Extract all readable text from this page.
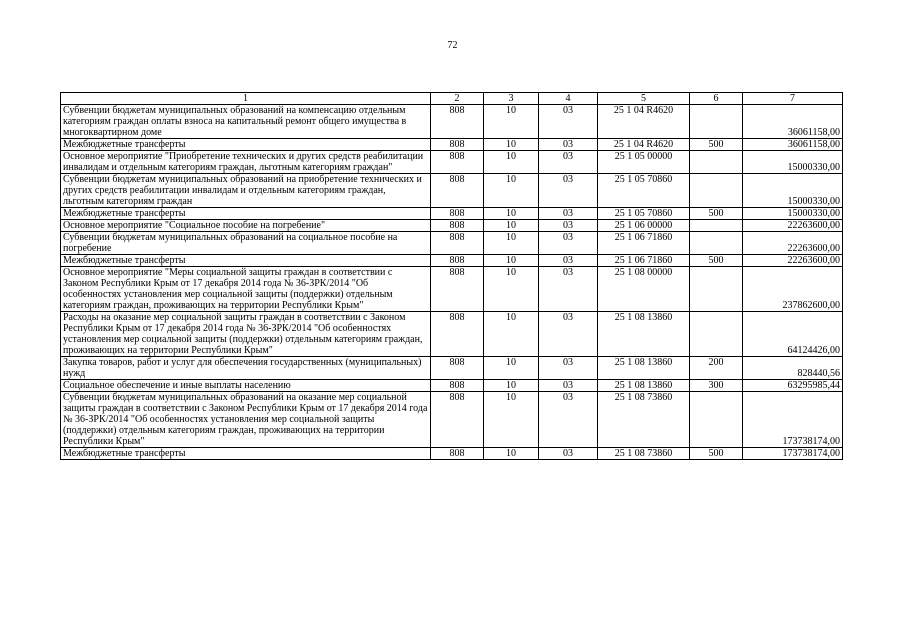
72
1	2	3	4	5	6	7
Субвенции бюджетам муниципальных образований на компенсацию отдельным категориям граждан оплаты взноса на капитальный ремонт общего имущества в многоквартирном доме	808	10	03	25 1 04 R4620		36061158,00
Межбюджетные трансферты	808	10	03	25 1 04 R4620	500	36061158,00
Основное мероприятие "Приобретение технических и других средств реабилитации инвалидам и отдельным категориям граждан, льготным категориям граждан"	808	10	03	25 1 05 00000		15000330,00
Субвенции бюджетам муниципальных образований на приобретение технических и других средств реабилитации инвалидам и отдельным категориям граждан, льготным категориям граждан	808	10	03	25 1 05 70860		15000330,00
Межбюджетные трансферты	808	10	03	25 1 05 70860	500	15000330,00
Основное мероприятие "Социальное пособие на погребение"	808	10	03	25 1 06 00000		22263600,00
Субвенции бюджетам муниципальных образований на социальное пособие на погребение	808	10	03	25 1 06 71860		22263600,00
Межбюджетные трансферты	808	10	03	25 1 06 71860	500	22263600,00
Основное мероприятие "Меры социальной защиты граждан в соответствии с Законом Республики Крым от 17 декабря 2014 года № 36-ЗРК/2014 "Об особенностях установления мер социальной защиты (поддержки) отдельным категориям граждан, проживающих на территории Республики Крым"	808	10	03	25 1 08 00000		237862600,00
Расходы на оказание мер социальной защиты граждан в соответствии с Законом Республики Крым от 17 декабря 2014 года № 36-ЗРК/2014 "Об особенностях установления мер социальной защиты (поддержки) отдельным категориям граждан, проживающих на территории Республики Крым"	808	10	03	25 1 08 13860		64124426,00
Закупка товаров, работ и услуг для обеспечения государственных (муниципальных) нужд	808	10	03	25 1 08 13860	200	828440,56
Социальное обеспечение и иные выплаты населению	808	10	03	25 1 08 13860	300	63295985,44
Субвенции бюджетам муниципальных образований на оказание мер социальной защиты граждан в соответствии с Законом Республики Крым от 17 декабря 2014 года № 36-ЗРК/2014 "Об особенностях установления мер социальной защиты (поддержки) отдельным категориям граждан, проживающих на территории Республики Крым"	808	10	03	25 1 08 73860		173738174,00
Межбюджетные трансферты	808	10	03	25 1 08 73860	500	173738174,00
